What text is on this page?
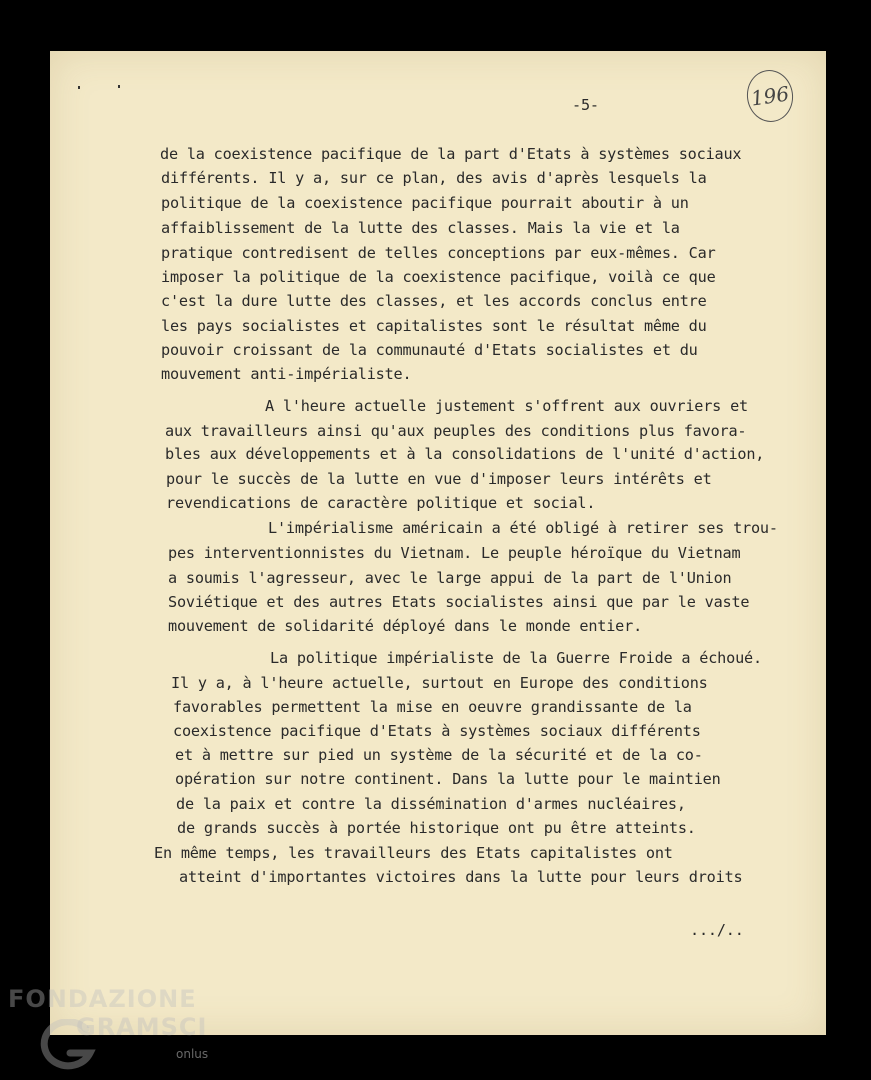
-5-	196
de la coexistence pacifique de la part d'Etats à systèmes sociaux
différents. Il y a, sur ce plan, des avis d'après lesquels la
politique de la coexistence pacifique pourrait aboutir à un
affaiblissement de la lutte des classes. Mais la vie et la
pratique contredisent de telles conceptions par eux-mêmes. Car
imposer la politique de la coexistence pacifique, voilà ce que
c'est la dure lutte des classes, et les accords conclus entre
les pays socialistes et capitalistes sont le résultat même du
pouvoir croissant de la communauté d'Etats socialistes et du
mouvement anti-impérialiste.
A l'heure actuelle justement s'offrent aux ouvriers et
aux travailleurs ainsi qu'aux peuples des conditions plus favora-
bles aux développements et à la consolidations de l'unité d'action,
pour le succès de la lutte en vue d'imposer leurs intérêts et
revendications de caractère politique et social.
L'impérialisme américain a été obligé à retirer ses trou-
pes interventionnistes du Vietnam. Le peuple héroïque du Vietnam
a soumis l'agresseur, avec le large appui de la part de l'Union
Soviétique et des autres Etats socialistes ainsi que par le vaste
mouvement de solidarité déployé dans le monde entier.
La politique impérialiste de la Guerre Froide a échoué.
Il y a, à l'heure actuelle, surtout en Europe des conditions
favorables permettent la mise en oeuvre grandissante de la
coexistence pacifique d'Etats à systèmes sociaux différents
et à mettre sur pied un système de la sécurité et de la co-
opération sur notre continent. Dans la lutte pour le maintien
de la paix et contre la dissémination d'armes nucléaires,
de grands succès à portée historique ont pu être atteints.
En même temps, les travailleurs des Etats capitalistes ont
atteint d'importantes victoires dans la lutte pour leurs droits
.../..
FONDAZIONE
GRAMSCI
onlus
